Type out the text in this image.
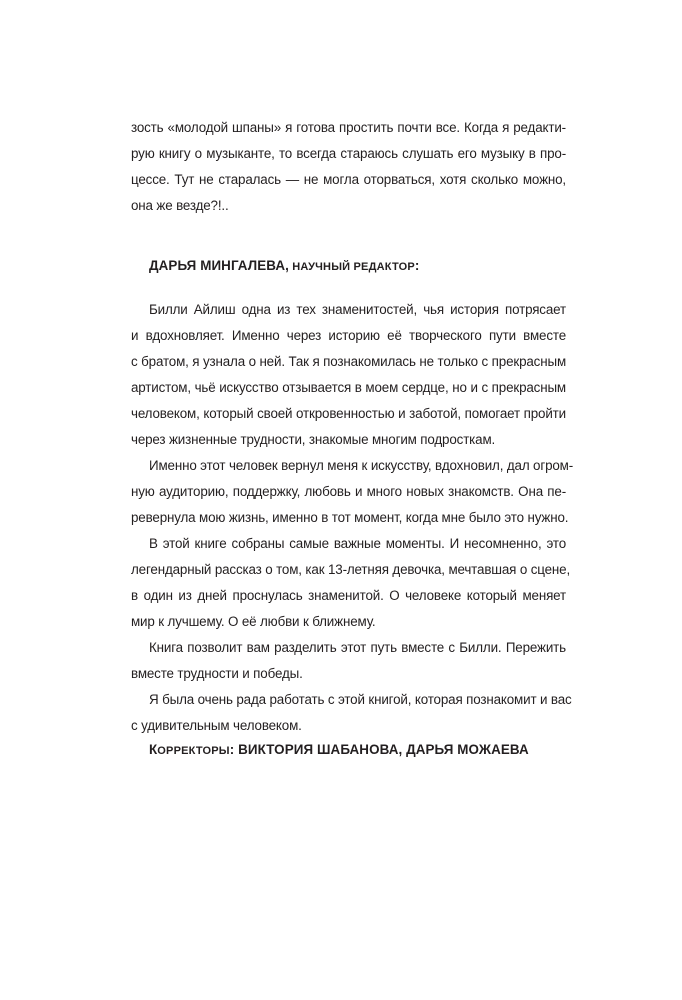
зость «молодой шпаны» я готова простить почти все. Когда я редакти-
рую книгу о музыканте, то всегда стараюсь слушать его музыку в про-
цессе. Тут не старалась — не могла оторваться, хотя сколько можно,
она же везде?!..
ДАРЬЯ МИНГАЛЕВА, НАУЧНЫЙ РЕДАКТОР:
Билли Айлиш одна из тех знаменитостей, чья история потрясает
и вдохновляет. Именно через историю её творческого пути вместе
с братом, я узнала о ней. Так я познакомилась не только с прекрасным
артистом, чьё искусство отзывается в моем сердце, но и с прекрасным
человеком, который своей откровенностью и заботой, помогает пройти
через жизненные трудности, знакомые многим подросткам.
Именно этот человек вернул меня к искусству, вдохновил, дал огром-
ную аудиторию, поддержку, любовь и много новых знакомств. Она пе-
ревернула мою жизнь, именно в тот момент, когда мне было это нужно.
В этой книге собраны самые важные моменты. И несомненно, это
легендарный рассказ о том, как 13-летняя девочка, мечтавшая о сцене,
в один из дней проснулась знаменитой. О человеке который меняет
мир к лучшему. О её любви к ближнему.
Книга позволит вам разделить этот путь вместе с Билли. Пережить
вместе трудности и победы.
Я была очень рада работать с этой книгой, которая познакомит и вас
с удивительным человеком.
КОРРЕКТОРЫ: ВИКТОРИЯ ШАБАНОВА, ДАРЬЯ МОЖАЕВА
